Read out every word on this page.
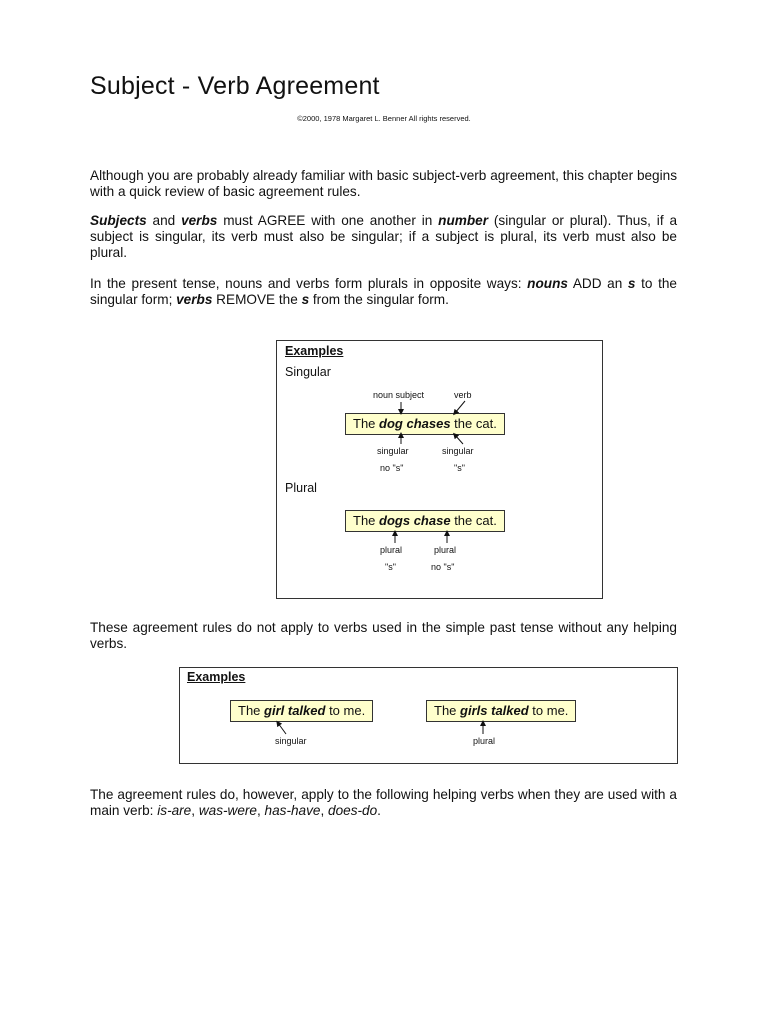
Subject - Verb Agreement
©2000, 1978 Margaret L. Benner All rights reserved.

Although you are probably already familiar with basic subject-verb agreement, this chapter begins with a quick review of basic agreement rules.

Subjects and verbs must AGREE with one another in number (singular or plural). Thus, if a subject is singular, its verb must also be singular; if a subject is plural, its verb must also be plural.

In the present tense, nouns and verbs form plurals in opposite ways: nouns ADD an s to the singular form; verbs REMOVE the s from the singular form.

Examples
Singular
noun subject	verb
The dog chases the cat.
singular
no "s"
singular
"s"
Plural
The dogs chase the cat.
plural
"s"
plural
no "s"

These agreement rules do not apply to verbs used in the simple past tense without any helping verbs.

Examples
The girl talked to me.
singular
The girls talked to me.
plural

The agreement rules do, however, apply to the following helping verbs when they are used with a main verb: is-are, was-were, has-have, does-do.
